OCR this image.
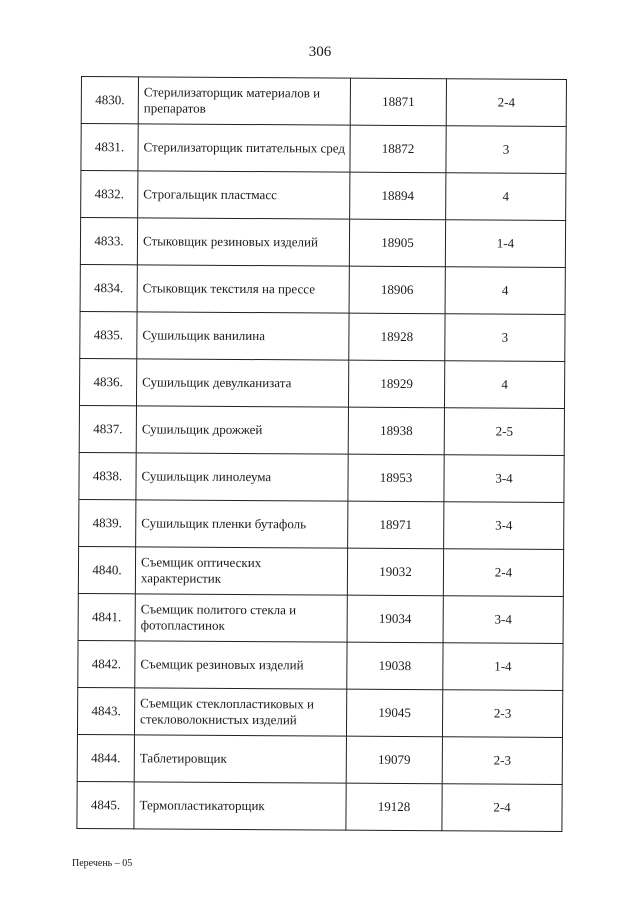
306
4830.	Стерилизаторщик материалов и препаратов	18871	2-4
4831.	Стерилизаторщик питательных сред	18872	3
4832.	Строгальщик пластмасс	18894	4
4833.	Стыковщик резиновых изделий	18905	1-4
4834.	Стыковщик текстиля на прессе	18906	4
4835.	Сушильщик ванилина	18928	3
4836.	Сушильщик девулканизата	18929	4
4837.	Сушильщик дрожжей	18938	2-5
4838.	Сушильщик линолеума	18953	3-4
4839.	Сушильщик пленки бутафоль	18971	3-4
4840.	Съемщик оптических характеристик	19032	2-4
4841.	Съемщик политого стекла и фотопластинок	19034	3-4
4842.	Съемщик резиновых изделий	19038	1-4
4843.	Съемщик стеклопластиковых и стекловолокнистых изделий	19045	2-3
4844.	Таблетировщик	19079	2-3
4845.	Термопластикаторщик	19128	2-4
Перечень – 05
